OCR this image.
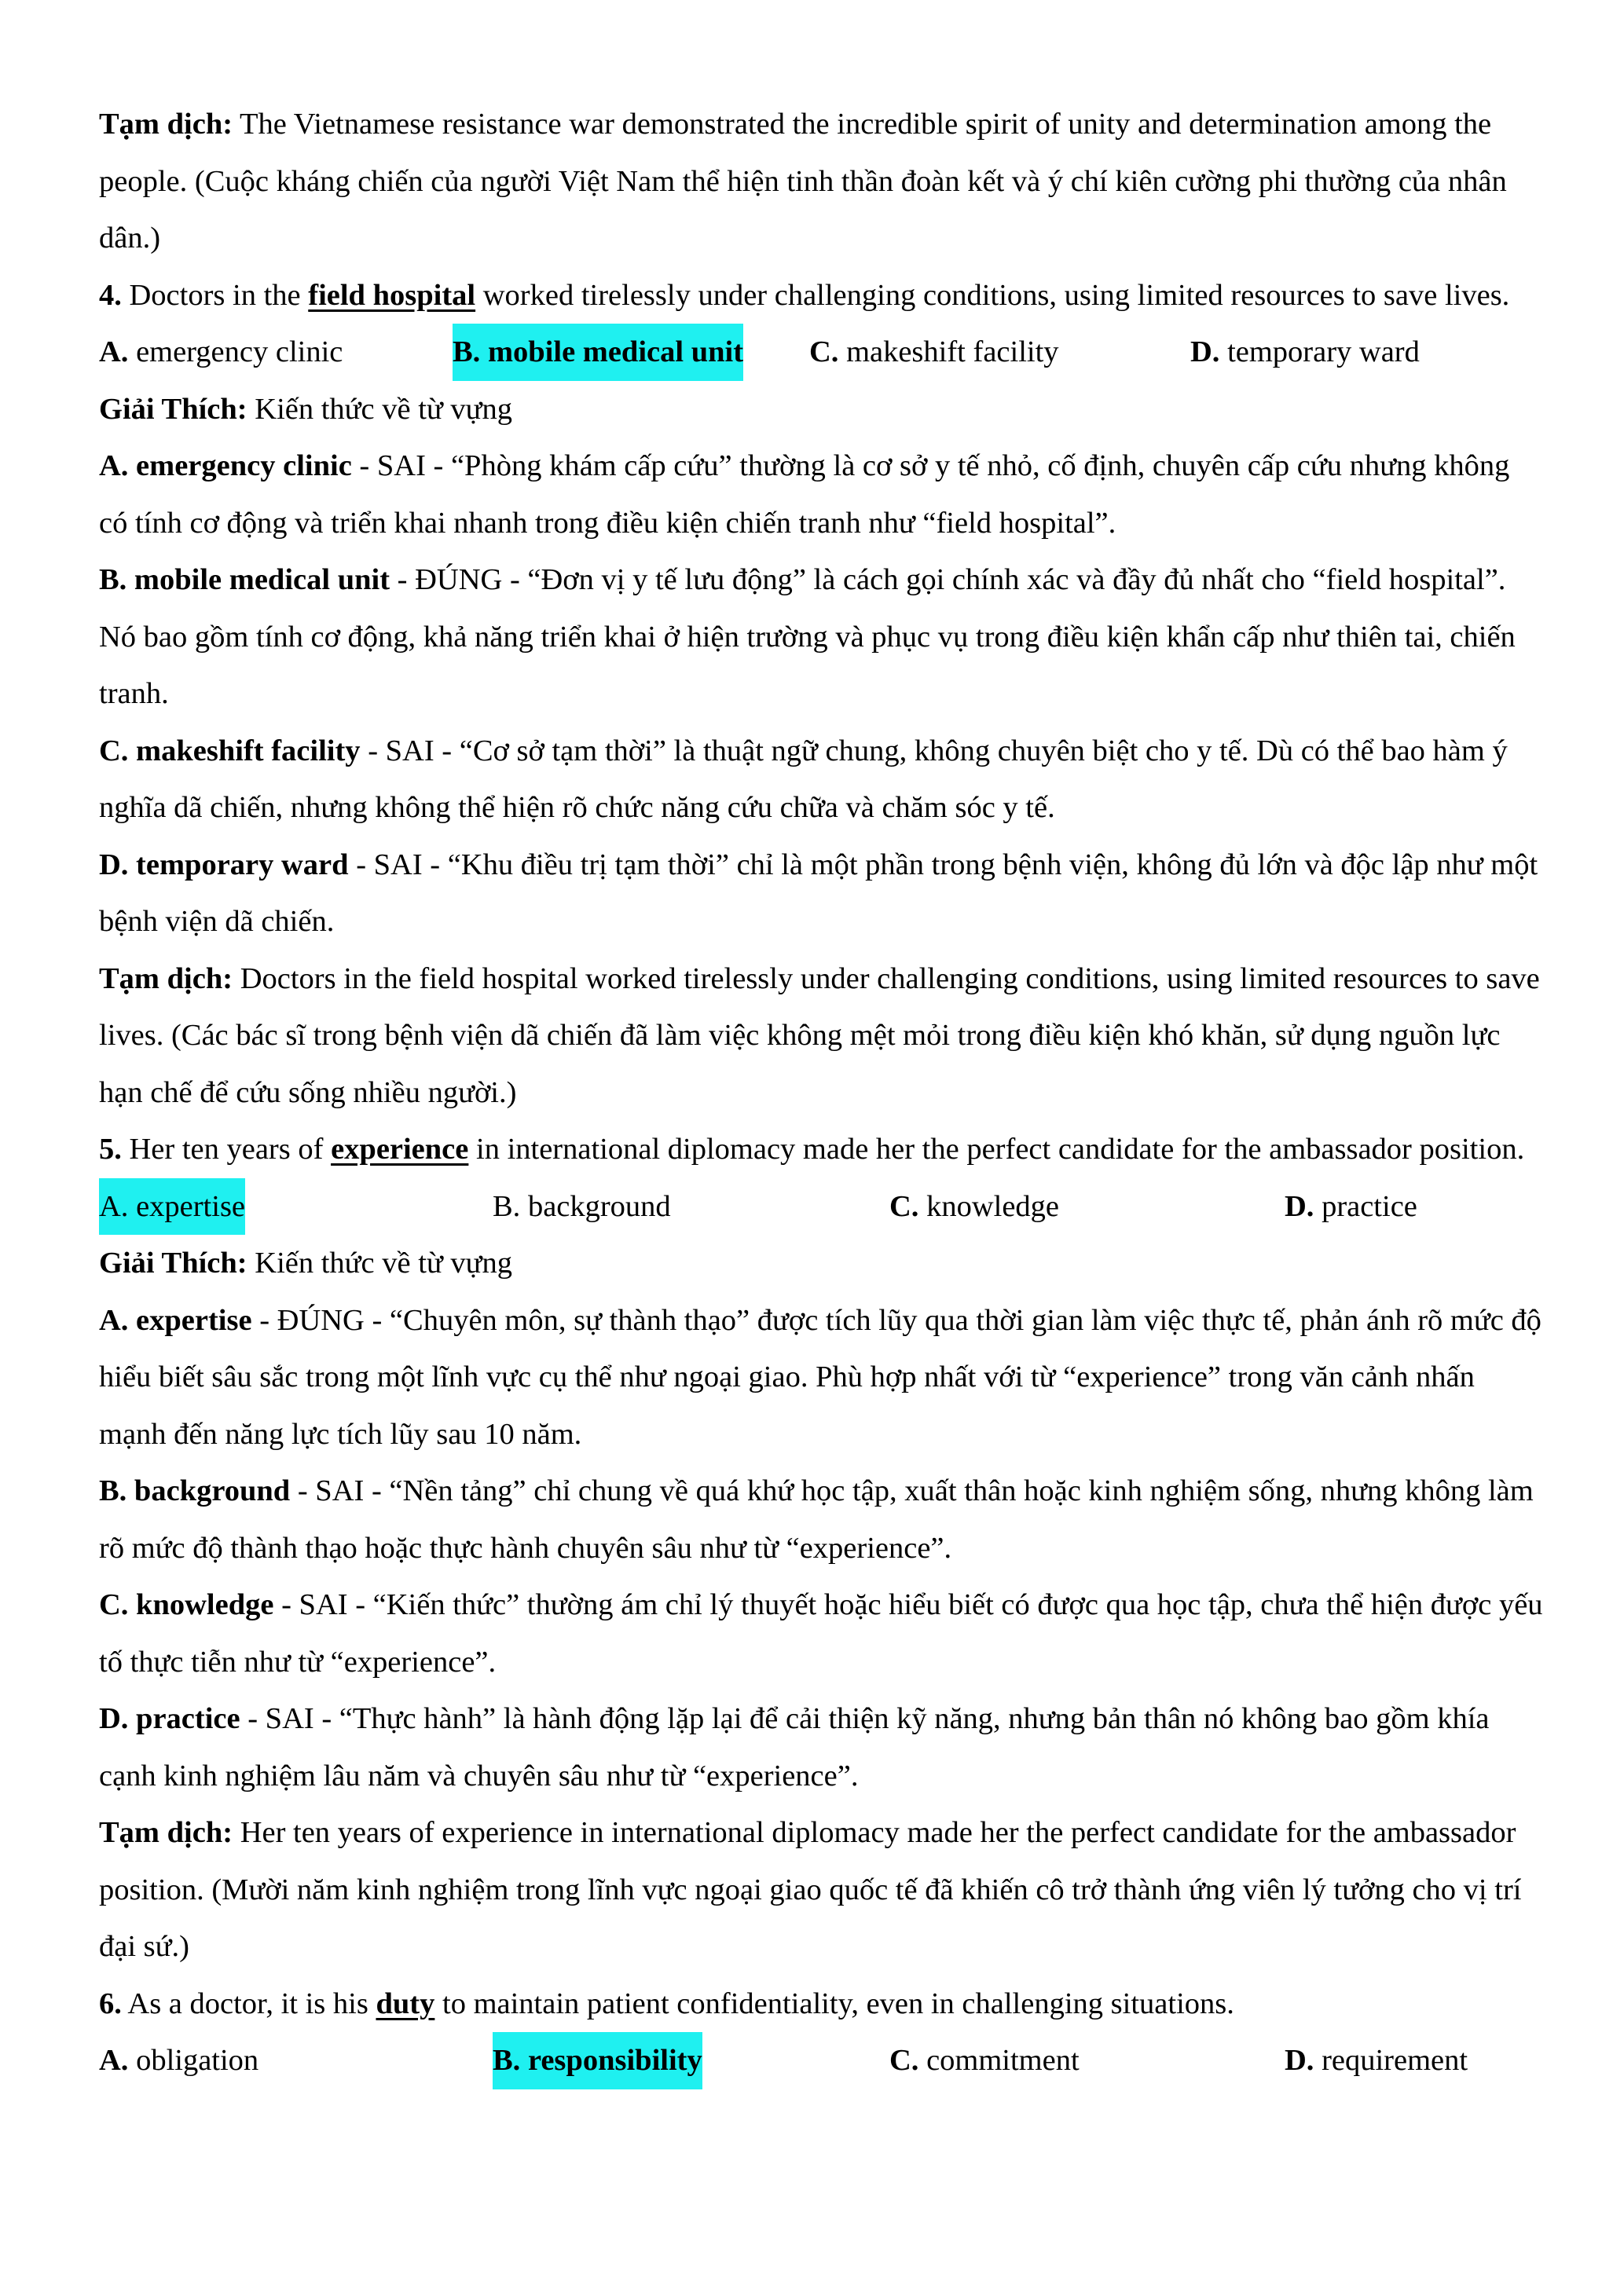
Tạm dịch: The Vietnamese resistance war demonstrated the incredible spirit of unity and determination among the people. (Cuộc kháng chiến của người Việt Nam thể hiện tinh thần đoàn kết và ý chí kiên cường phi thường của nhân dân.)

4. Doctors in the field hospital worked tirelessly under challenging conditions, using limited resources to save lives.

A. emergency clinic	B. mobile medical unit C. makeshift facility	D. temporary ward

Giải Thích: Kiến thức về từ vựng

A. emergency clinic - SAI - “Phòng khám cấp cứu” thường là cơ sở y tế nhỏ, cố định, chuyên cấp cứu nhưng không có tính cơ động và triển khai nhanh trong điều kiện chiến tranh như “field hospital”.

B. mobile medical unit - ĐÚNG - “Đơn vị y tế lưu động” là cách gọi chính xác và đầy đủ nhất cho “field hospital”. Nó bao gồm tính cơ động, khả năng triển khai ở hiện trường và phục vụ trong điều kiện khẩn cấp như thiên tai, chiến tranh.

C. makeshift facility - SAI - “Cơ sở tạm thời” là thuật ngữ chung, không chuyên biệt cho y tế. Dù có thể bao hàm ý nghĩa dã chiến, nhưng không thể hiện rõ chức năng cứu chữa và chăm sóc y tế.

D. temporary ward - SAI - “Khu điều trị tạm thời” chỉ là một phần trong bệnh viện, không đủ lớn và độc lập như một bệnh viện dã chiến.

Tạm dịch: Doctors in the field hospital worked tirelessly under challenging conditions, using limited resources to save lives. (Các bác sĩ trong bệnh viện dã chiến đã làm việc không mệt mỏi trong điều kiện khó khăn, sử dụng nguồn lực hạn chế để cứu sống nhiều người.)

5. Her ten years of experience in international diplomacy made her the perfect candidate for the ambassador position.

A. expertise	B. background	C. knowledge	D. practice

Giải Thích: Kiến thức về từ vựng

A. expertise - ĐÚNG - “Chuyên môn, sự thành thạo” được tích lũy qua thời gian làm việc thực tế, phản ánh rõ mức độ hiểu biết sâu sắc trong một lĩnh vực cụ thể như ngoại giao. Phù hợp nhất với từ “experience” trong văn cảnh nhấn mạnh đến năng lực tích lũy sau 10 năm.

B. background - SAI - “Nền tảng” chỉ chung về quá khứ học tập, xuất thân hoặc kinh nghiệm sống, nhưng không làm rõ mức độ thành thạo hoặc thực hành chuyên sâu như từ “experience”.

C. knowledge - SAI - “Kiến thức” thường ám chỉ lý thuyết hoặc hiểu biết có được qua học tập, chưa thể hiện được yếu tố thực tiễn như từ “experience”.

D. practice - SAI - “Thực hành” là hành động lặp lại để cải thiện kỹ năng, nhưng bản thân nó không bao gồm khía cạnh kinh nghiệm lâu năm và chuyên sâu như từ “experience”.

Tạm dịch: Her ten years of experience in international diplomacy made her the perfect candidate for the ambassador position. (Mười năm kinh nghiệm trong lĩnh vực ngoại giao quốc tế đã khiến cô trở thành ứng viên lý tưởng cho vị trí đại sứ.)

6. As a doctor, it is his duty to maintain patient confidentiality, even in challenging situations.

A. obligation	B. responsibility	C. commitment	D. requirement
